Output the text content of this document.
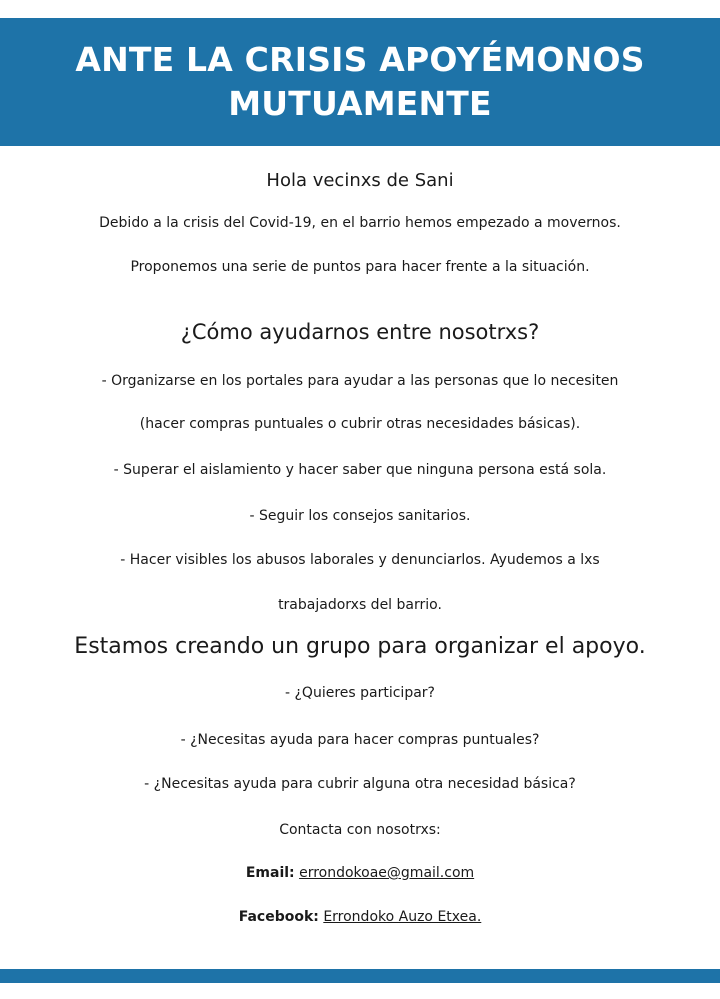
ANTE LA CRISIS APOYÉMONOS
MUTUAMENTE
Hola vecinxs de Sani
Debido a la crisis del Covid-19, en el barrio hemos empezado a movernos.
Proponemos una serie de puntos para hacer frente a la situación.
¿Cómo ayudarnos entre nosotrxs?
- Organizarse en los portales para ayudar a las personas que lo necesiten
(hacer compras puntuales o cubrir otras necesidades básicas).
- Superar el aislamiento y hacer saber que ninguna persona está sola.
- Seguir los consejos sanitarios.
- Hacer visibles los abusos laborales y denunciarlos. Ayudemos a lxs
trabajadorxs del barrio.
Estamos creando un grupo para organizar el apoyo.
- ¿Quieres participar?
- ¿Necesitas ayuda para hacer compras puntuales?
- ¿Necesitas ayuda para cubrir alguna otra necesidad básica?
Contacta con nosotrxs:
Email: errondokoae@gmail.com
Facebook: Errondoko Auzo Etxea.
